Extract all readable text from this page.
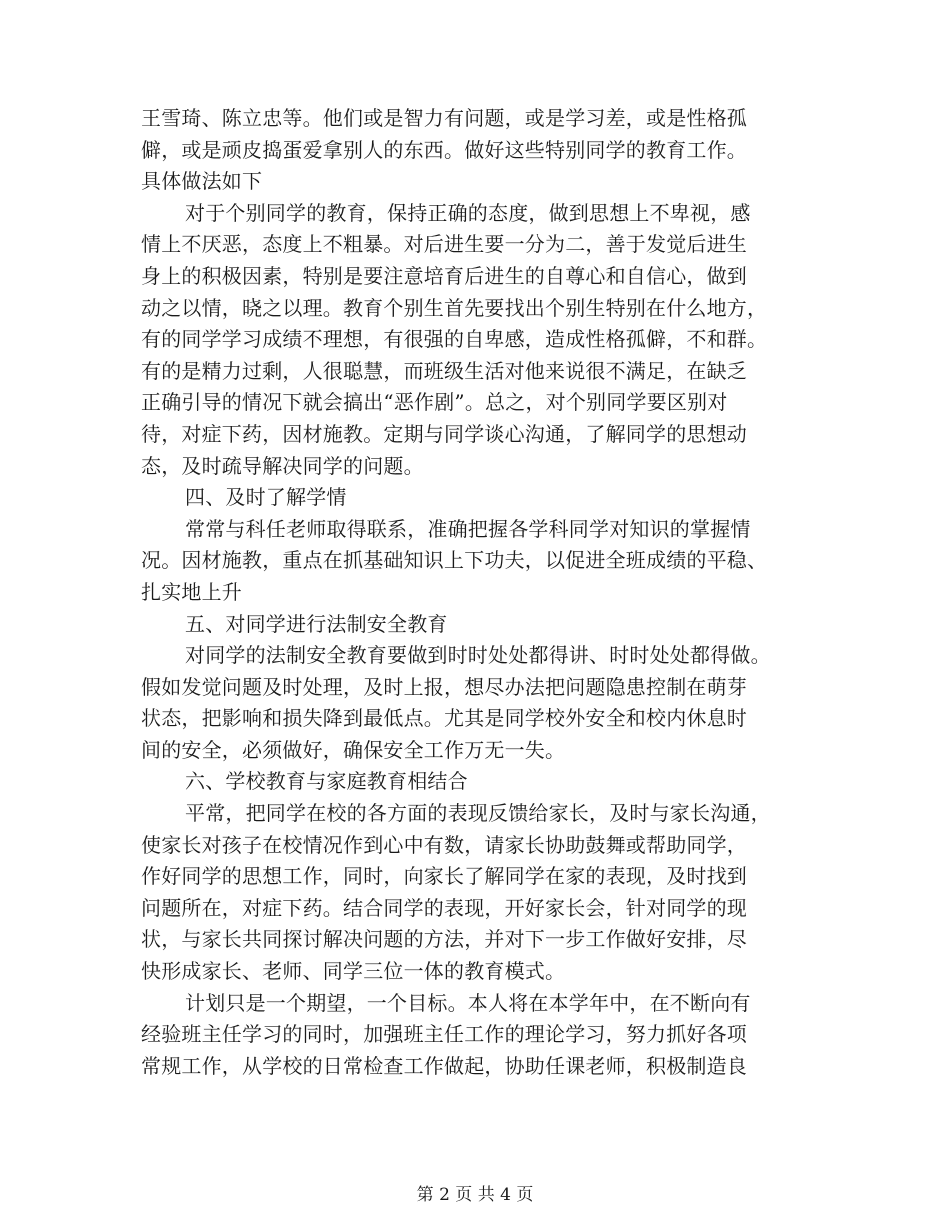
王雪琦、陈立忠等。他们或是智力有问题，或是学习差，或是性格孤
僻，或是顽皮捣蛋爱拿别人的东西。做好这些特别同学的教育工作。
具体做法如下
对于个别同学的教育，保持正确的态度，做到思想上不卑视，感
情上不厌恶，态度上不粗暴。对后进生要一分为二，善于发觉后进生
身上的积极因素，特别是要注意培育后进生的自尊心和自信心，做到
动之以情，晓之以理。教育个别生首先要找出个别生特别在什么地方，
有的同学学习成绩不理想，有很强的自卑感，造成性格孤僻，不和群。
有的是精力过剩，人很聪慧，而班级生活对他来说很不满足，在缺乏
正确引导的情况下就会搞出“恶作剧”。总之，对个别同学要区别对
待，对症下药，因材施教。定期与同学谈心沟通，了解同学的思想动
态，及时疏导解决同学的问题。
四、及时了解学情
常常与科任老师取得联系，准确把握各学科同学对知识的掌握情
况。因材施教，重点在抓基础知识上下功夫，以促进全班成绩的平稳、
扎实地上升
五、对同学进行法制安全教育
对同学的法制安全教育要做到时时处处都得讲、时时处处都得做。
假如发觉问题及时处理，及时上报，想尽办法把问题隐患控制在萌芽
状态，把影响和损失降到最低点。尤其是同学校外安全和校内休息时
间的安全，必须做好，确保安全工作万无一失。
六、学校教育与家庭教育相结合
平常，把同学在校的各方面的表现反馈给家长，及时与家长沟通，
使家长对孩子在校情况作到心中有数，请家长协助鼓舞或帮助同学，
作好同学的思想工作，同时，向家长了解同学在家的表现，及时找到
问题所在，对症下药。结合同学的表现，开好家长会，针对同学的现
状，与家长共同探讨解决问题的方法，并对下一步工作做好安排，尽
快形成家长、老师、同学三位一体的教育模式。
计划只是一个期望，一个目标。本人将在本学年中，在不断向有
经验班主任学习的同时，加强班主任工作的理论学习，努力抓好各项
常规工作，从学校的日常检查工作做起，协助任课老师，积极制造良
第 2 页 共 4 页
